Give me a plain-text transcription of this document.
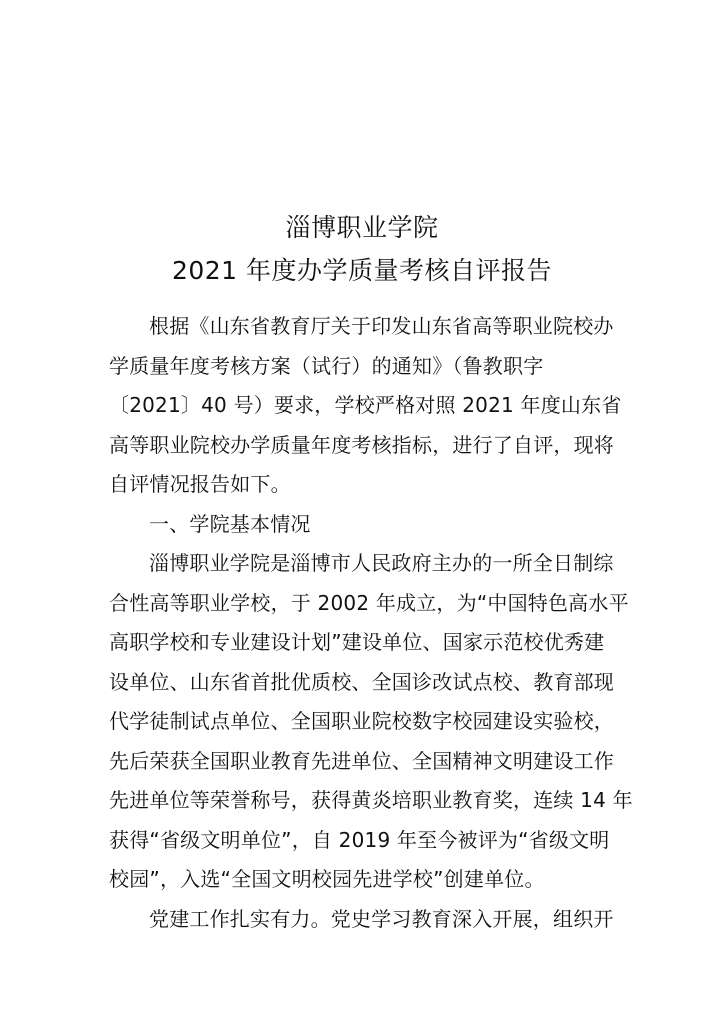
淄博职业学院
2021 年度办学质量考核自评报告
根据《山东省教育厅关于印发山东省高等职业院校办
学质量年度考核方案（试行）的通知》（鲁教职字
〔2021〕40 号）要求，学校严格对照 2021 年度山东省
高等职业院校办学质量年度考核指标，进行了自评，现将
自评情况报告如下。
一、学院基本情况
淄博职业学院是淄博市人民政府主办的一所全日制综
合性高等职业学校，于 2002 年成立，为“中国特色高水平
高职学校和专业建设计划”建设单位、国家示范校优秀建
设单位、山东省首批优质校、全国诊改试点校、教育部现
代学徒制试点单位、全国职业院校数字校园建设实验校，
先后荣获全国职业教育先进单位、全国精神文明建设工作
先进单位等荣誉称号，获得黄炎培职业教育奖，连续 14 年
获得“省级文明单位”，自 2019 年至今被评为“省级文明
校园”，入选“全国文明校园先进学校”创建单位。
党建工作扎实有力。党史学习教育深入开展，组织开
